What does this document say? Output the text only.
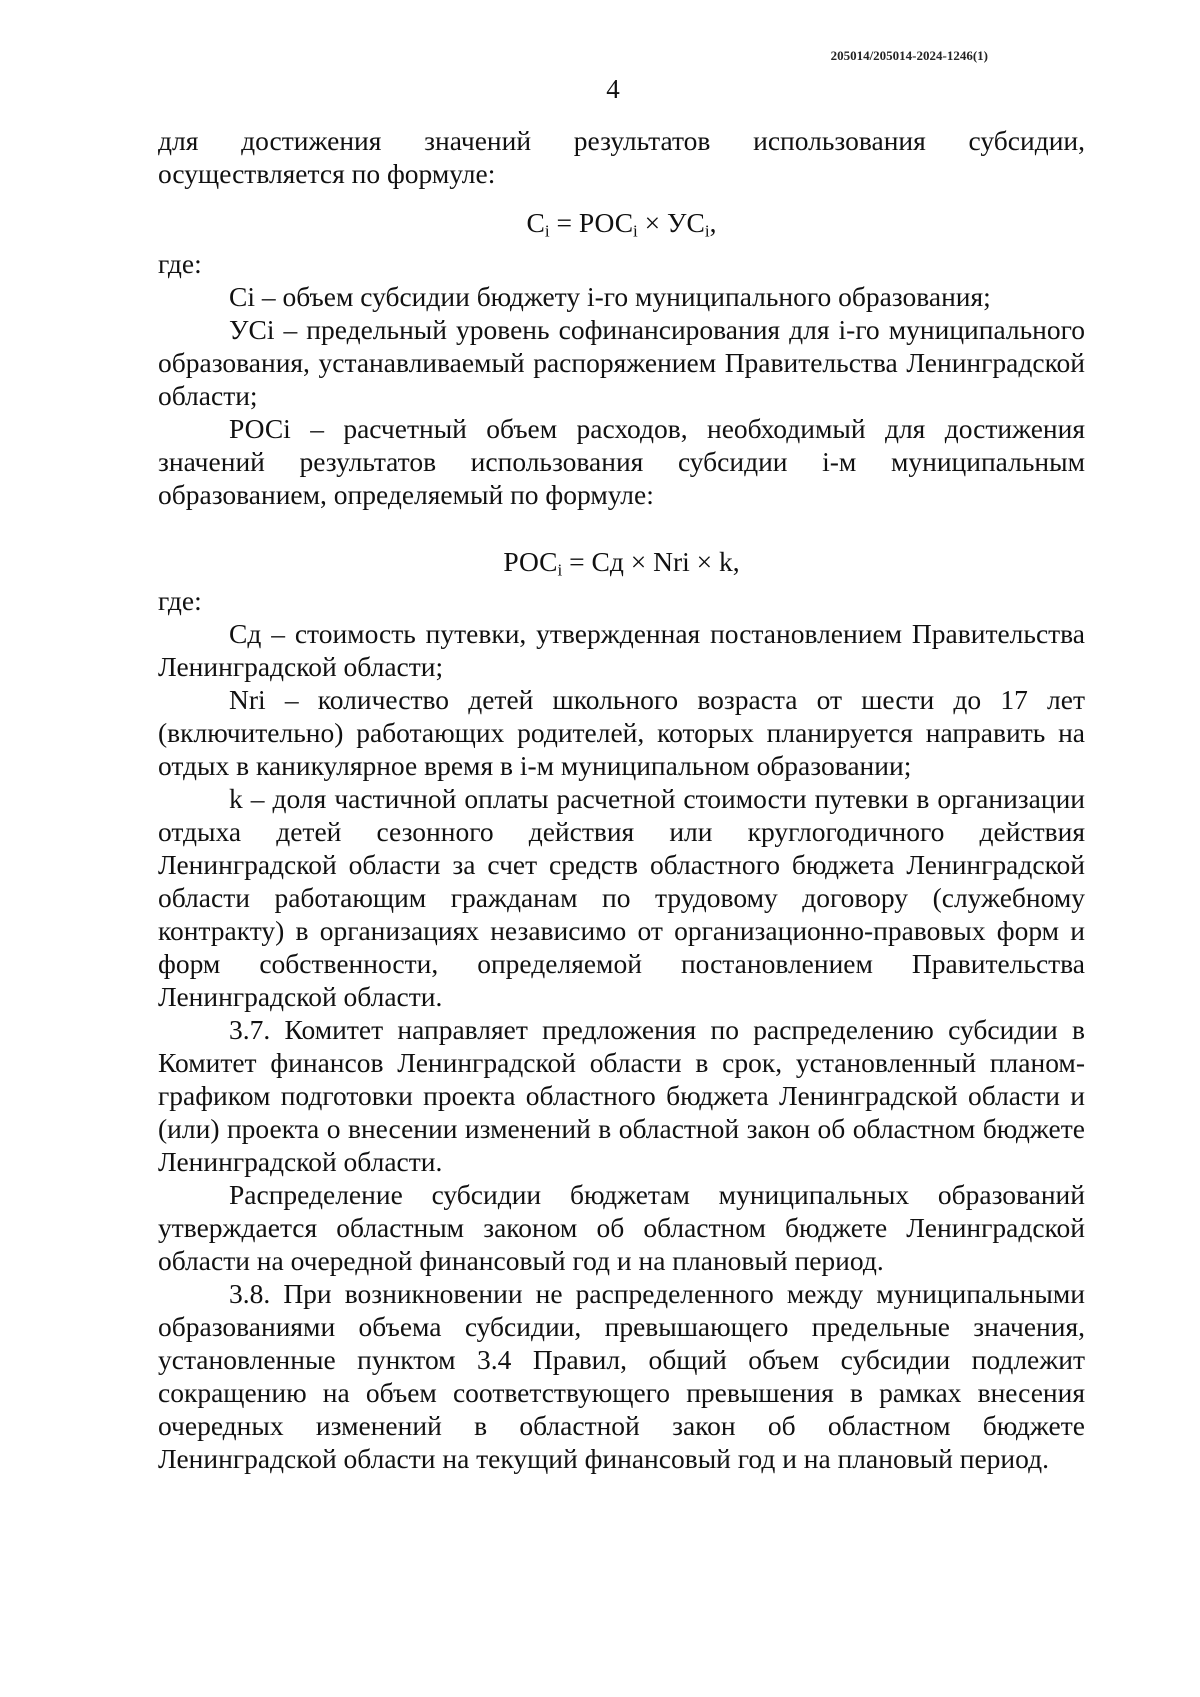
205014/205014-2024-1246(1)
4

для достижения значений результатов использования субсидии, осуществляется по формуле:

$C_i = РОС_i \times УС_i$,

где:

Ci – объем субсидии бюджету i-го муниципального образования;

УСi – предельный уровень софинансирования для i-го муниципального образования, устанавливаемый распоряжением Правительства Ленинградской области;

РОСi – расчетный объем расходов, необходимый для достижения значений результатов использования субсидии i-м муниципальным образованием, определяемый по формуле:

$РОС_i$ = Сд × Nri × k,

где:

Сд – стоимость путевки, утвержденная постановлением Правительства Ленинградской области;

Nri – количество детей школьного возраста от шести до 17 лет (включительно) работающих родителей, которых планируется направить на отдых в каникулярное время в i-м муниципальном образовании;

k – доля частичной оплаты расчетной стоимости путевки в организации отдыха детей сезонного действия или круглогодичного действия Ленинградской области за счет средств областного бюджета Ленинградской области работающим гражданам по трудовому договору (служебному контракту) в организациях независимо от организационно-правовых форм и форм собственности, определяемой постановлением Правительства Ленинградской области.

3.7. Комитет направляет предложения по распределению субсидии в Комитет финансов Ленинградской области в срок, установленный планом-графиком подготовки проекта областного бюджета Ленинградской области и (или) проекта о внесении изменений в областной закон об областном бюджете Ленинградской области.

Распределение субсидии бюджетам муниципальных образований утверждается областным законом об областном бюджете Ленинградской области на очередной финансовый год и на плановый период.

3.8. При возникновении не распределенного между муниципальными образованиями объема субсидии, превышающего предельные значения, установленные пунктом 3.4 Правил, общий объем субсидии подлежит сокращению на объем соответствующего превышения в рамках внесения очередных изменений в областной закон об областном бюджете Ленинградской области на текущий финансовый год и на плановый период.
